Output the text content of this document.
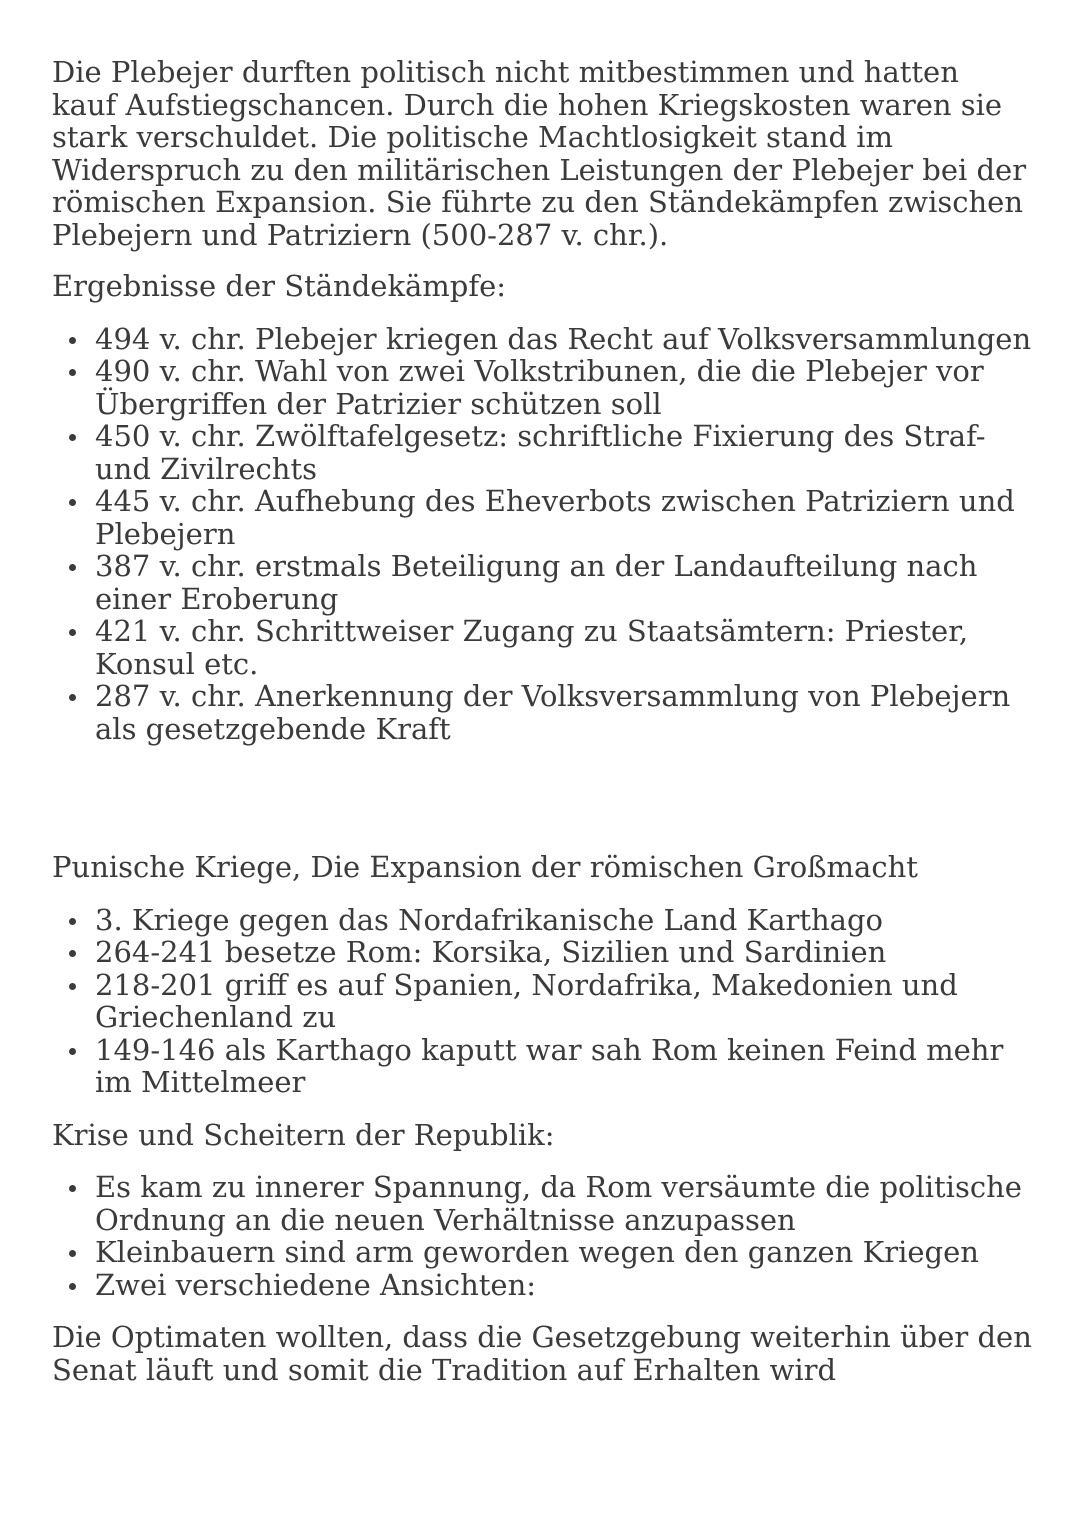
Die Plebejer durften politisch nicht mitbestimmen und hatten kauf Aufstiegschancen. Durch die hohen Kriegskosten waren sie stark verschuldet. Die politische Machtlosigkeit stand im Widerspruch zu den militärischen Leistungen der Plebejer bei der römischen Expansion. Sie führte zu den Ständekämpfen zwischen Plebejern und Patriziern (500-287 v. chr.).

Ergebnisse der Ständekämpfe:

494 v. chr. Plebejer kriegen das Recht auf Volksversammlungen
490 v. chr. Wahl von zwei Volkstribunen, die die Plebejer vor Übergriffen der Patrizier schützen soll
450 v. chr. Zwölftafelgesetz: schriftliche Fixierung des Straf- und Zivilrechts
445 v. chr. Aufhebung des Eheverbots zwischen Patriziern und Plebejern
387 v. chr. erstmals Beteiligung an der Landaufteilung nach einer Eroberung
421 v. chr. Schrittweiser Zugang zu Staatsämtern: Priester, Konsul etc.
287 v. chr. Anerkennung der Volksversammlung von Plebejern als gesetzgebende Kraft

Punische Kriege, Die Expansion der römischen Großmacht

3. Kriege gegen das Nordafrikanische Land Karthago
264-241 besetze Rom: Korsika, Sizilien und Sardinien
218-201 griff es auf Spanien, Nordafrika, Makedonien und Griechenland zu
149-146 als Karthago kaputt war sah Rom keinen Feind mehr im Mittelmeer

Krise und Scheitern der Republik:

Es kam zu innerer Spannung, da Rom versäumte die politische Ordnung an die neuen Verhältnisse anzupassen
Kleinbauern sind arm geworden wegen den ganzen Kriegen
Zwei verschiedene Ansichten:

Die Optimaten wollten, dass die Gesetzgebung weiterhin über den Senat läuft und somit die Tradition auf Erhalten wird
